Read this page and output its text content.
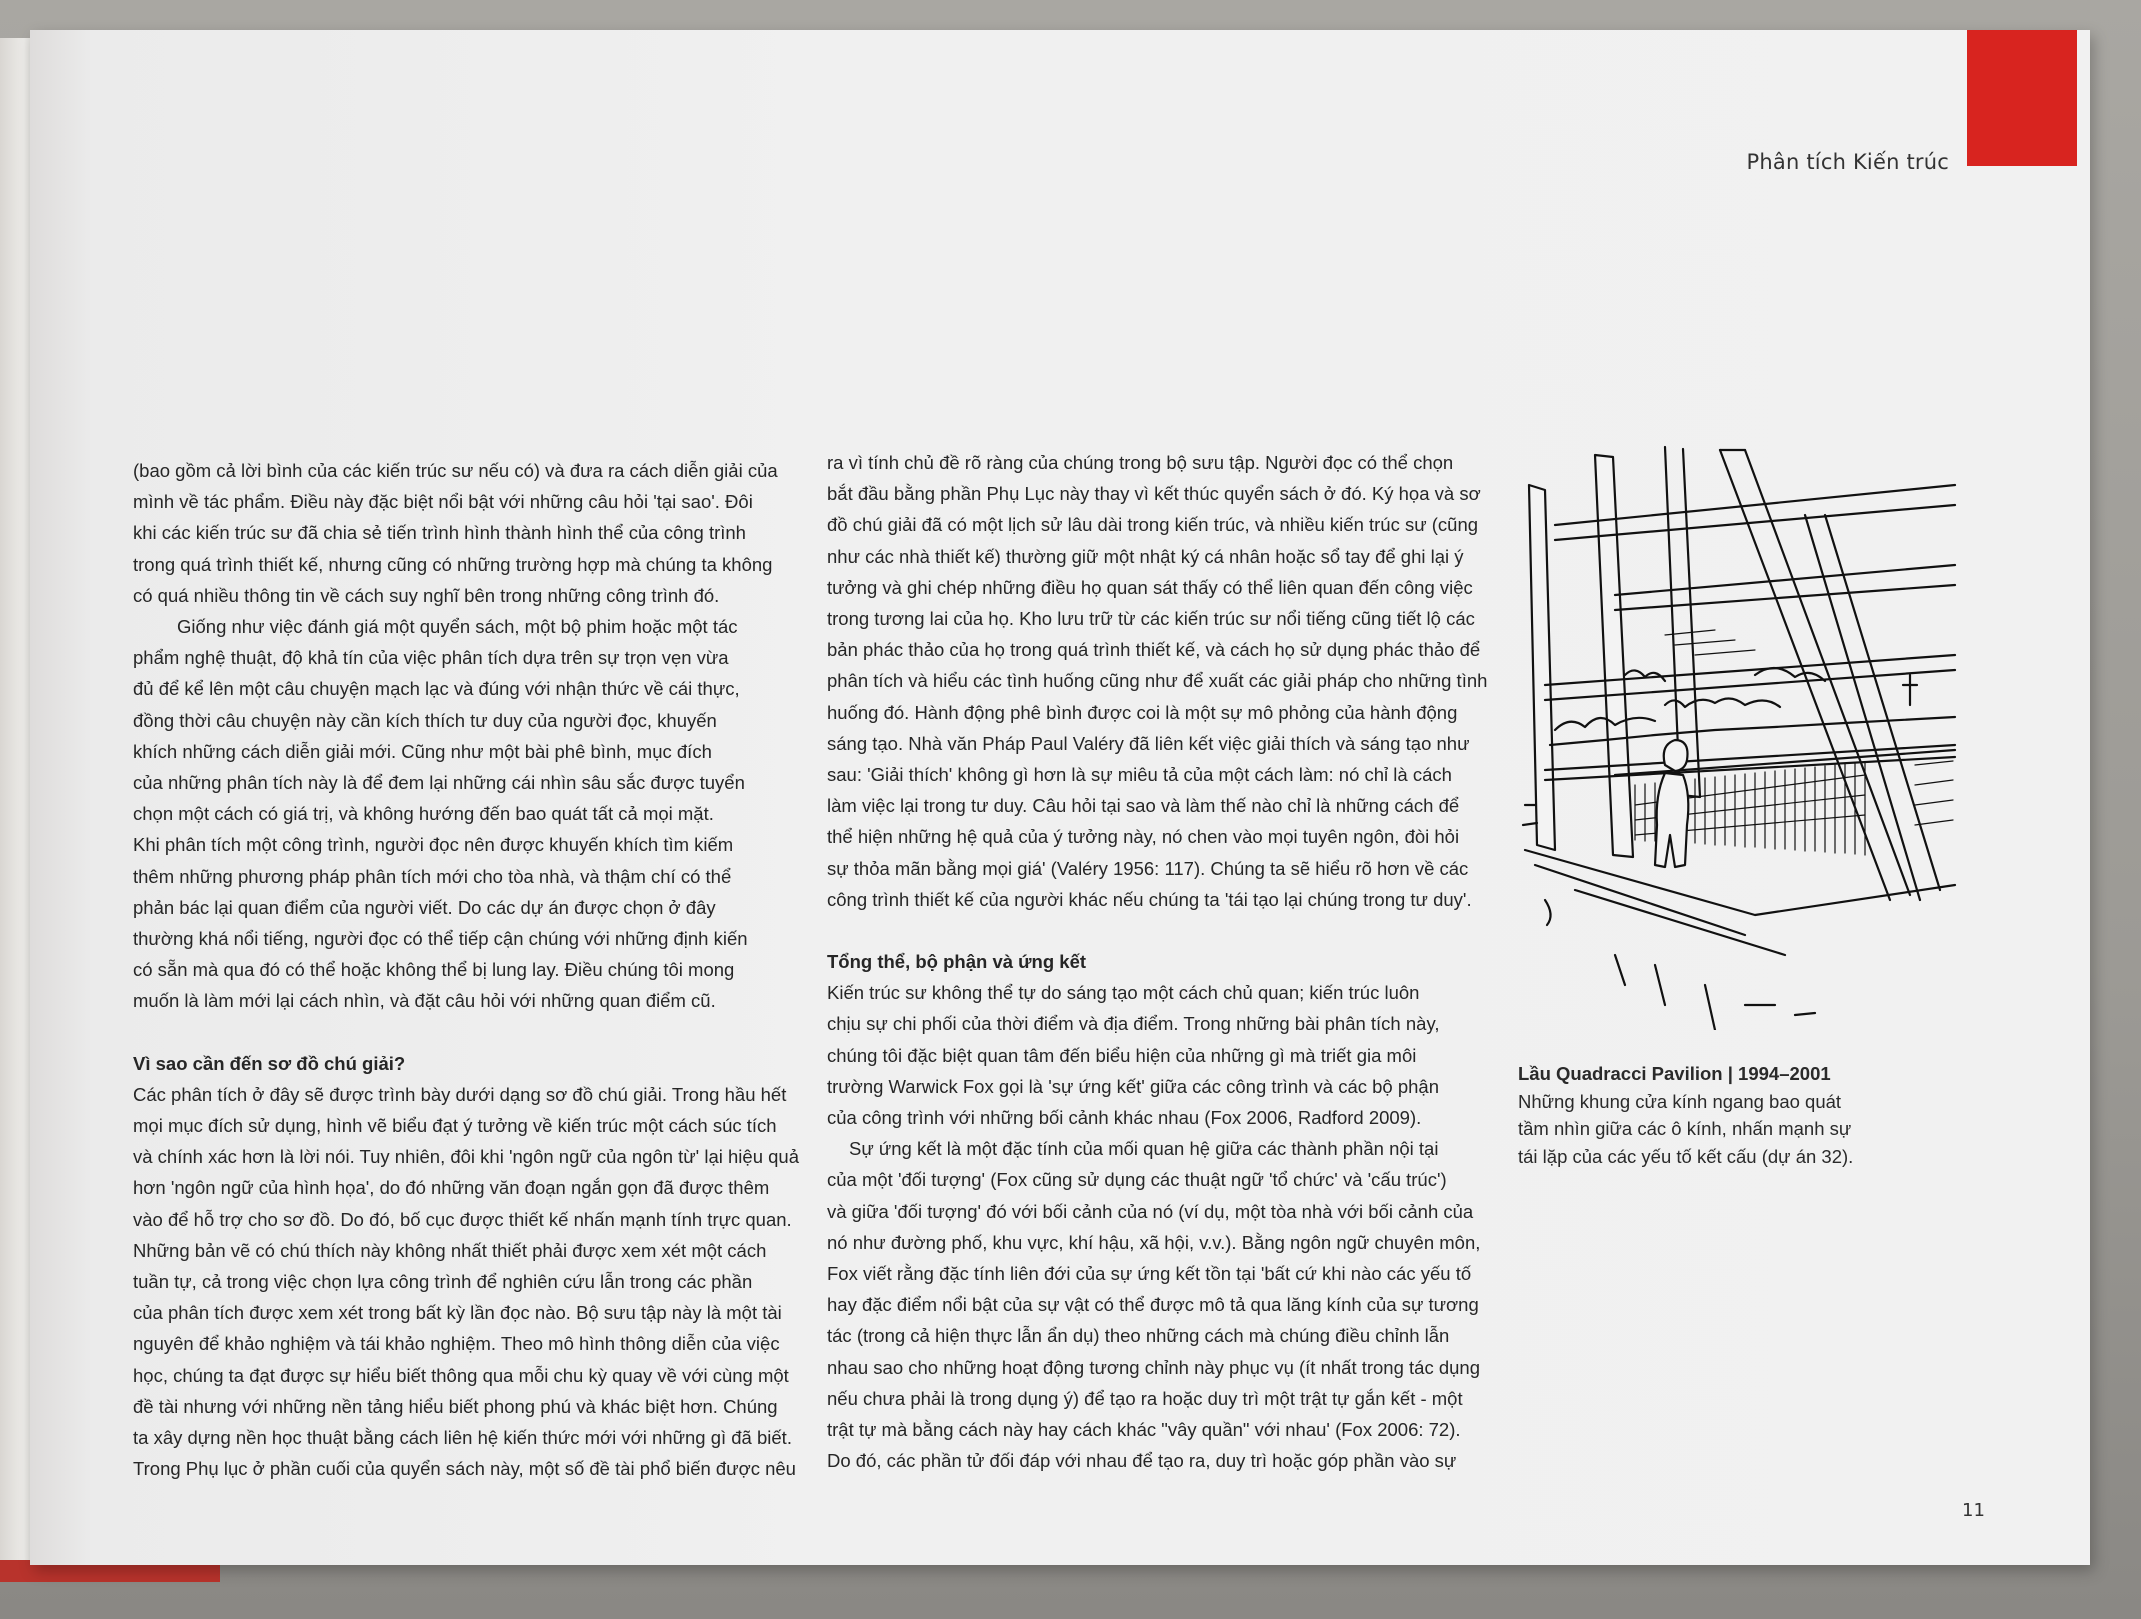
Phân tích Kiến trúc

(bao gồm cả lời bình của các kiến trúc sư nếu có) và đưa ra cách diễn giải của
mình về tác phẩm. Điều này đặc biệt nổi bật với những câu hỏi 'tại sao'. Đôi
khi các kiến trúc sư đã chia sẻ tiến trình hình thành hình thể của công trình
trong quá trình thiết kế, nhưng cũng có những trường hợp mà chúng ta không
có quá nhiều thông tin về cách suy nghĩ bên trong những công trình đó.

Giống như việc đánh giá một quyển sách, một bộ phim hoặc một tác
phẩm nghệ thuật, độ khả tín của việc phân tích dựa trên sự trọn vẹn vừa
đủ để kể lên một câu chuyện mạch lạc và đúng với nhận thức về cái thực,
đồng thời câu chuyện này cần kích thích tư duy của người đọc, khuyến
khích những cách diễn giải mới. Cũng như một bài phê bình, mục đích
của những phân tích này là để đem lại những cái nhìn sâu sắc được tuyển
chọn một cách có giá trị, và không hướng đến bao quát tất cả mọi mặt.
Khi phân tích một công trình, người đọc nên được khuyến khích tìm kiếm
thêm những phương pháp phân tích mới cho tòa nhà, và thậm chí có thể
phản bác lại quan điểm của người viết. Do các dự án được chọn ở đây
thường khá nổi tiếng, người đọc có thể tiếp cận chúng với những định kiến
có sẵn mà qua đó có thể hoặc không thể bị lung lay. Điều chúng tôi mong
muốn là làm mới lại cách nhìn, và đặt câu hỏi với những quan điểm cũ.

Vì sao cần đến sơ đồ chú giải?

Các phân tích ở đây sẽ được trình bày dưới dạng sơ đồ chú giải. Trong hầu hết
mọi mục đích sử dụng, hình vẽ biểu đạt ý tưởng về kiến trúc một cách súc tích
và chính xác hơn là lời nói. Tuy nhiên, đôi khi 'ngôn ngữ của ngôn từ' lại hiệu quả
hơn 'ngôn ngữ của hình họa', do đó những văn đoạn ngắn gọn đã được thêm
vào để hỗ trợ cho sơ đồ. Do đó, bố cục được thiết kế nhấn mạnh tính trực quan.
Những bản vẽ có chú thích này không nhất thiết phải được xem xét một cách
tuần tự, cả trong việc chọn lựa công trình để nghiên cứu lẫn trong các phần
của phân tích được xem xét trong bất kỳ lần đọc nào. Bộ sưu tập này là một tài
nguyên để khảo nghiệm và tái khảo nghiệm. Theo mô hình thông diễn của việc
học, chúng ta đạt được sự hiểu biết thông qua mỗi chu kỳ quay về với cùng một
đề tài nhưng với những nền tảng hiểu biết phong phú và khác biệt hơn. Chúng
ta xây dựng nền học thuật bằng cách liên hệ kiến thức mới với những gì đã biết.
Trong Phụ lục ở phần cuối của quyển sách này, một số đề tài phổ biến được nêu

ra vì tính chủ đề rõ ràng của chúng trong bộ sưu tập. Người đọc có thể chọn
bắt đầu bằng phần Phụ Lục này thay vì kết thúc quyển sách ở đó. Ký họa và sơ
đồ chú giải đã có một lịch sử lâu dài trong kiến trúc, và nhiều kiến trúc sư (cũng
như các nhà thiết kế) thường giữ một nhật ký cá nhân hoặc sổ tay để ghi lại ý
tưởng và ghi chép những điều họ quan sát thấy có thể liên quan đến công việc
trong tương lai của họ. Kho lưu trữ từ các kiến trúc sư nổi tiếng cũng tiết lộ các
bản phác thảo của họ trong quá trình thiết kế, và cách họ sử dụng phác thảo để
phân tích và hiểu các tình huống cũng như để xuất các giải pháp cho những tình
huống đó. Hành động phê bình được coi là một sự mô phỏng của hành động
sáng tạo. Nhà văn Pháp Paul Valéry đã liên kết việc giải thích và sáng tạo như
sau: 'Giải thích' không gì hơn là sự miêu tả của một cách làm: nó chỉ là cách
làm việc lại trong tư duy. Câu hỏi tại sao và làm thế nào chỉ là những cách để
thể hiện những hệ quả của ý tưởng này, nó chen vào mọi tuyên ngôn, đòi hỏi
sự thỏa mãn bằng mọi giá' (Valéry 1956: 117). Chúng ta sẽ hiểu rõ hơn về các
công trình thiết kế của người khác nếu chúng ta 'tái tạo lại chúng trong tư duy'.

Tổng thể, bộ phận và ứng kết

Kiến trúc sư không thể tự do sáng tạo một cách chủ quan; kiến trúc luôn
chịu sự chi phối của thời điểm và địa điểm. Trong những bài phân tích này,
chúng tôi đặc biệt quan tâm đến biểu hiện của những gì mà triết gia môi
trường Warwick Fox gọi là 'sự ứng kết' giữa các công trình và các bộ phận
của công trình với những bối cảnh khác nhau (Fox 2006, Radford 2009).

Sự ứng kết là một đặc tính của mối quan hệ giữa các thành phần nội tại
của một 'đối tượng' (Fox cũng sử dụng các thuật ngữ 'tổ chức' và 'cấu trúc')
và giữa 'đối tượng' đó với bối cảnh của nó (ví dụ, một tòa nhà với bối cảnh của
nó như đường phố, khu vực, khí hậu, xã hội, v.v.). Bằng ngôn ngữ chuyên môn,
Fox viết rằng đặc tính liên đới của sự ứng kết tồn tại 'bất cứ khi nào các yếu tố
hay đặc điểm nổi bật của sự vật có thể được mô tả qua lăng kính của sự tương
tác (trong cả hiện thực lẫn ẩn dụ) theo những cách mà chúng điều chỉnh lẫn
nhau sao cho những hoạt động tương chỉnh này phục vụ (ít nhất trong tác dụng
nếu chưa phải là trong dụng ý) để tạo ra hoặc duy trì một trật tự gắn kết - một
trật tự mà bằng cách này hay cách khác "vây quần" với nhau' (Fox 2006: 72).
Do đó, các phần tử đối đáp với nhau để tạo ra, duy trì hoặc góp phần vào sự

Lầu Quadracci Pavilion | 1994–2001
Những khung cửa kính ngang bao quát
tầm nhìn giữa các ô kính, nhấn mạnh sự
tái lặp của các yếu tố kết cấu (dự án 32).
11
